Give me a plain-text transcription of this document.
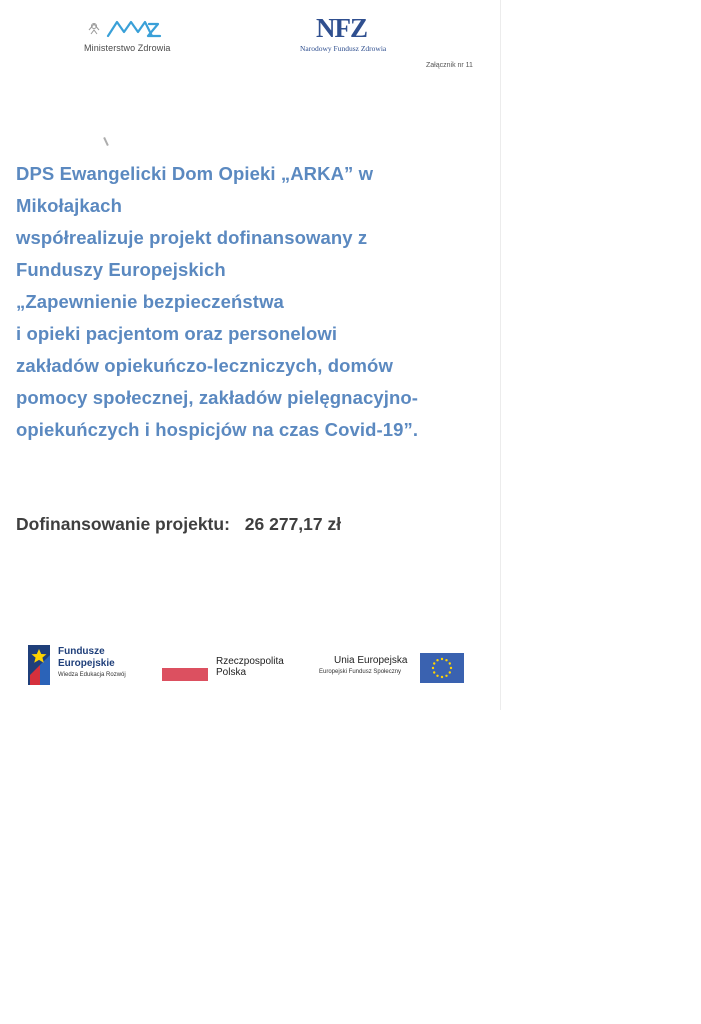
Ministerstwo Zdrowia
NFZ
Narodowy Fundusz Zdrowia
Załącznik nr 11

DPS Ewangelicki Dom Opieki „ARKA” w
Mikołajkach
współrealizuje projekt dofinansowany z
Funduszy Europejskich
„Zapewnienie bezpieczeństwa
i opieki pacjentom oraz personelowi
zakładów opiekuńczo-leczniczych, domów
pomocy społecznej, zakładów pielęgnacyjno-
opiekuńczych i hospicjów na czas Covid-19”.

Dofinansowanie projektu: 26 277,17 zł
Fundusze
Europejskie
Wiedza Edukacja Rozwój
Rzeczpospolita
Polska
Unia Europejska
Europejski Fundusz Społeczny
